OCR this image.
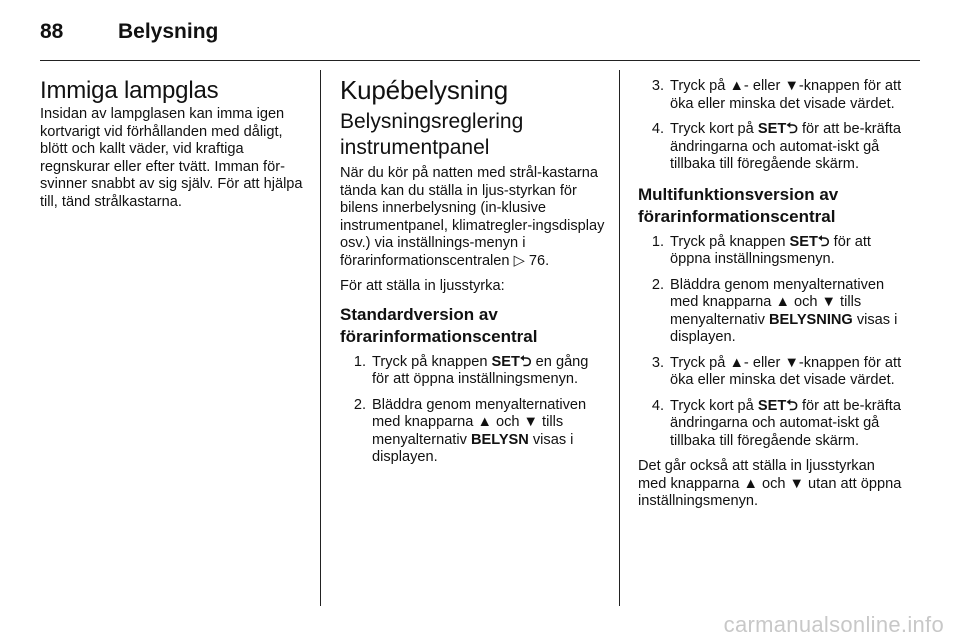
88	Belysning
Immiga lampglas

Insidan av lampglasen kan imma igen kortvarigt vid förhållanden med dåligt, blött och kallt väder, vid kraftiga regnskurar eller efter tvätt. Imman för-svinner snabbt av sig själv. För att hjälpa till, tänd strålkastarna.

Kupébelysning
Belysningsreglering instrumentpanel

När du kör på natten med strål-kastarna tända kan du ställa in ljus-styrkan för bilens innerbelysning (in-klusive instrumentpanel, klimatregler-ingsdisplay osv.) via inställnings-menyn i förarinformationscentralen ▷ 76.

För att ställa in ljusstyrka:

Standardversion av förarinformationscentral
1. Tryck på knappen SET⮌ en gång för att öppna inställningsmenyn.
2. Bläddra genom menyalternativen med knapparna ▲ och ▼ tills menyalternativ BELYSN visas i displayen.
3. Tryck på ▲- eller ▼-knappen för att öka eller minska det visade värdet.
4. Tryck kort på SET⮌ för att be-kräfta ändringarna och automat-iskt gå tillbaka till föregående skärm.
Multifunktionsversion av förarinformationscentral
1. Tryck på knappen SET⮌ för att öppna inställningsmenyn.
2. Bläddra genom menyalternativen med knapparna ▲ och ▼ tills menyalternativ BELYSNING visas i displayen.
3. Tryck på ▲- eller ▼-knappen för att öka eller minska det visade värdet.
4. Tryck kort på SET⮌ för att be-kräfta ändringarna och automat-iskt gå tillbaka till föregående skärm.

Det går också att ställa in ljusstyrkan med knapparna ▲ och ▼ utan att öppna inställningsmenyn.

carmanualsonline.info
